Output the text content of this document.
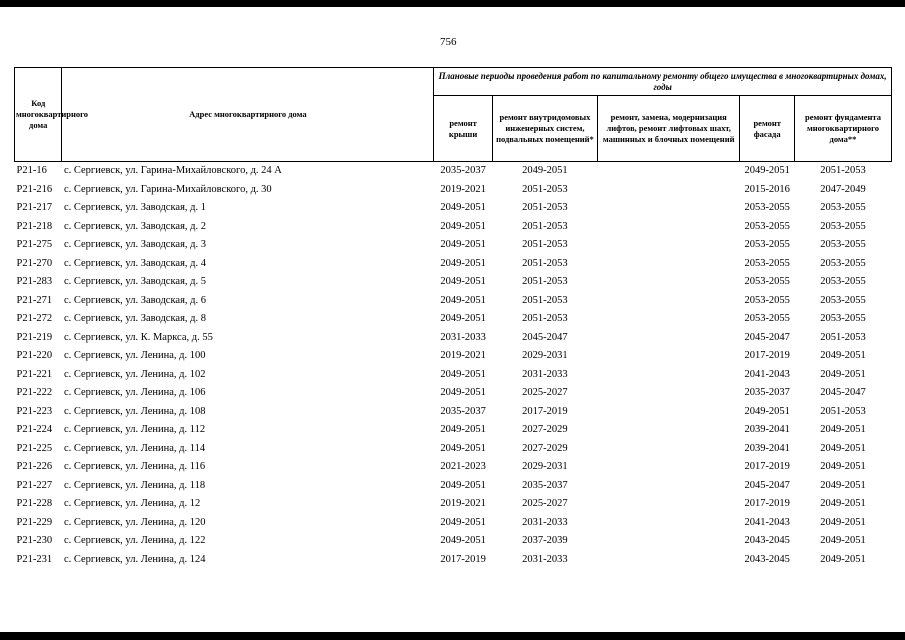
756
Код многоквартирного дома	Адрес многоквартирного дома	Плановые периоды проведения работ по капитальному ремонту общего имущества в многоквартирных домах, годы				
		ремонт крыши	ремонт внутридомовых инженерных систем, подвальных помещений*	ремонт, замена, модернизация лифтов, ремонт лифтовых шахт, машинных и блочных помещений	ремонт фасада	ремонт фундамента многоквартирного дома**
Р21-16	с. Сергиевск, ул. Гарина-Михайловского, д. 24 А	2035-2037	2049-2051		2049-2051	2051-2053
Р21-216	с. Сергиевск, ул. Гарина-Михайловского, д. 30	2019-2021	2051-2053		2015-2016	2047-2049
Р21-217	с. Сергиевск, ул. Заводская, д. 1	2049-2051	2051-2053		2053-2055	2053-2055
Р21-218	с. Сергиевск, ул. Заводская, д. 2	2049-2051	2051-2053		2053-2055	2053-2055
Р21-275	с. Сергиевск, ул. Заводская, д. 3	2049-2051	2051-2053		2053-2055	2053-2055
Р21-270	с. Сергиевск, ул. Заводская, д. 4	2049-2051	2051-2053		2053-2055	2053-2055
Р21-283	с. Сергиевск, ул. Заводская, д. 5	2049-2051	2051-2053		2053-2055	2053-2055
Р21-271	с. Сергиевск, ул. Заводская, д. 6	2049-2051	2051-2053		2053-2055	2053-2055
Р21-272	с. Сергиевск, ул. Заводская, д. 8	2049-2051	2051-2053		2053-2055	2053-2055
Р21-219	с. Сергиевск, ул. К. Маркса, д. 55	2031-2033	2045-2047		2045-2047	2051-2053
Р21-220	с. Сергиевск, ул. Ленина, д. 100	2019-2021	2029-2031		2017-2019	2049-2051
Р21-221	с. Сергиевск, ул. Ленина, д. 102	2049-2051	2031-2033		2041-2043	2049-2051
Р21-222	с. Сергиевск, ул. Ленина, д. 106	2049-2051	2025-2027		2035-2037	2045-2047
Р21-223	с. Сергиевск, ул. Ленина, д. 108	2035-2037	2017-2019		2049-2051	2051-2053
Р21-224	с. Сергиевск, ул. Ленина, д. 112	2049-2051	2027-2029		2039-2041	2049-2051
Р21-225	с. Сергиевск, ул. Ленина, д. 114	2049-2051	2027-2029		2039-2041	2049-2051
Р21-226	с. Сергиевск, ул. Ленина, д. 116	2021-2023	2029-2031		2017-2019	2049-2051
Р21-227	с. Сергиевск, ул. Ленина, д. 118	2049-2051	2035-2037		2045-2047	2049-2051
Р21-228	с. Сергиевск, ул. Ленина, д. 12	2019-2021	2025-2027		2017-2019	2049-2051
Р21-229	с. Сергиевск, ул. Ленина, д. 120	2049-2051	2031-2033		2041-2043	2049-2051
Р21-230	с. Сергиевск, ул. Ленина, д. 122	2049-2051	2037-2039		2043-2045	2049-2051
Р21-231	с. Сергиевск, ул. Ленина, д. 124	2017-2019	2031-2033		2043-2045	2049-2051
